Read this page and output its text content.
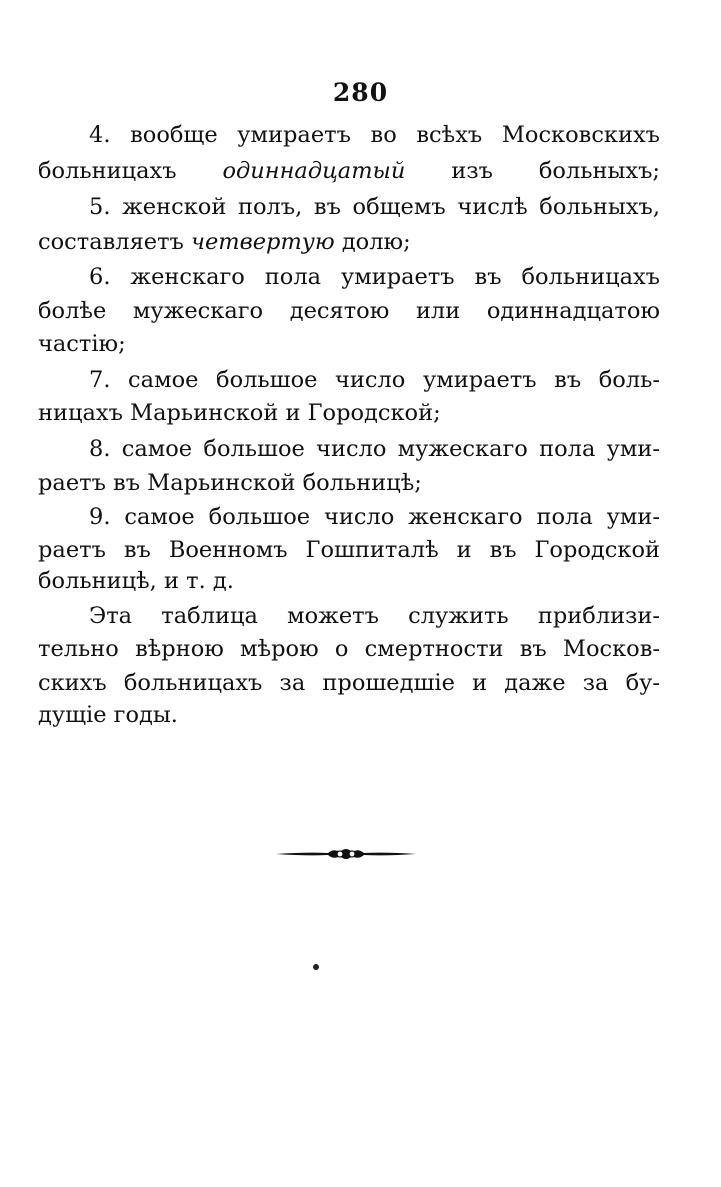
280
4. вообще умираетъ во всѣхъ Московскихъ
больницахъ одиннадцатый изъ больныхъ;
5. женской полъ, въ общемъ числѣ больныхъ,
составляетъ четвертую долю;
6. женскаго пола умираетъ въ больницахъ
болѣе мужескаго десятою или одиннадцатою
частію;
7. самое большое число умираетъ въ боль-
ницахъ Марьинской и Городской;
8. самое большое число мужескаго пола уми-
раетъ въ Марьинской больницѣ;
9. самое большое число женскаго пола уми-
раетъ въ Военномъ Гошпиталѣ и въ Городской
больницѣ, и т. д.
Эта таблица можетъ служить приблизи-
тельно вѣрною мѣрою о смертности въ Москов-
скихъ больницахъ за прошедшіе и даже за бу-
дущіе годы.
